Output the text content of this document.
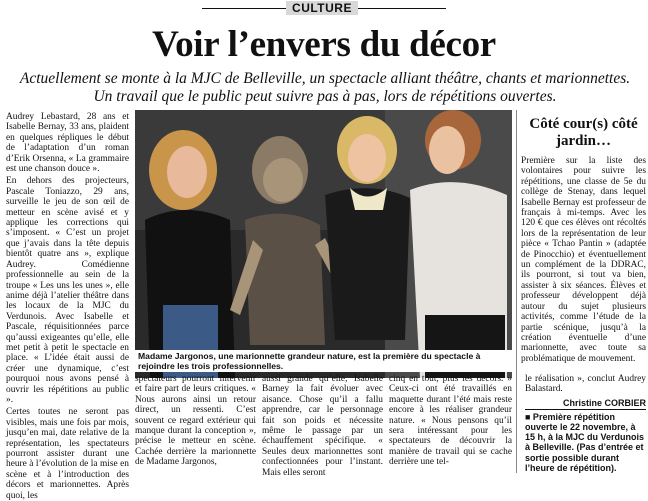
CULTURE
Voir l’envers du décor
Actuellement se monte à la MJC de Belleville, un spectacle alliant théâtre, chants et marionnettes. Un travail que le public peut suivre pas à pas, lors de répétitions ouvertes.

Audrey Lebastard, 28 ans et Isabelle Bernay, 33 ans, plaident en quelques répliques le début de l’adaptation d’un roman d’Erik Orsenna, « La grammaire est une chanson douce ».

En dehors des projecteurs, Pascale Toniazzo, 29 ans, surveille le jeu de son œil de metteur en scène avisé et y applique les corrections qui s’imposent. « C’est un projet que j’avais dans la tête depuis bientôt quatre ans », explique Audrey. Comédienne professionnelle au sein de la troupe « Les uns les unes », elle anime déjà l’atelier théâtre dans les locaux de la MJC du Verdunois. Avec Isabelle et Pascale, réquisitionnées parce qu’aussi exigeantes qu’elle, elle met petit à petit le spectacle en place. « L’idée était aussi de créer une dynamique, c’est pourquoi nous avons pensé à ouvrir les répétitions au public ».

Certes toutes ne seront pas visibles, mais une fois par mois, jusqu’en mai, date relative de la représentation, les spectateurs pourront assister durant une heure à l’évolution de la mise en scène et à l’introduction des décors et marionnettes. Après quoi, les

Madame Jargonos, une marionnette grandeur nature, est la première du spectacle à rejoindre les trois professionnelles.

spectateurs pourront intervenir et faire part de leurs critiques. « Nous aurons ainsi un retour direct, un ressenti. C’est souvent ce regard extérieur qui manque durant la conception », précise le metteur en scène. Cachée derrière la marionnette de Madame Jargonos,

aussi grande qu’elle, Isabelle Barney la fait évoluer avec aisance. Chose qu’il a fallu apprendre, car le personnage fait son poids et nécessite même le passage par un échauffement spécifique. « Seules deux marionnettes sont confectionnées pour l’instant. Mais elles seront

cinq en tout, plus les décors. » Ceux-ci ont été travaillés en maquette durant l’été mais reste encore à les réaliser grandeur nature. « Nous pensons qu’il sera intéressant pour les spectateurs de découvrir la manière de travail qui se cache derrière une tel-

Côté cour(s) côté jardin…
Première sur la liste des volontaires pour suivre les répétitions, une classe de 5e du collège de Stenay, dans lequel Isabelle Bernay est professeur de français à mi-temps. Avec les 120 € que ces élèves ont récoltés lors de la représentation de leur pièce « Tchao Pantin » (adaptée de Pinocchio) et éventuellement un complément de la DDRAC, ils pourront, si tout va bien, assister à six séances. Élèves et professeur développent déjà autour du sujet plusieurs activités, comme l’étude de la partie scénique, jusqu’à la création éventuelle d’une marionnette, avec toute sa problématique de mouvement.
le réalisation », conclut Audrey Balastard.
Christine CORBIER
■ Première répétition ouverte le 22 novembre, à 15 h, à la MJC du Verdunois à Belleville. (Pas d’entrée et sortie possible durant l’heure de répétition).
